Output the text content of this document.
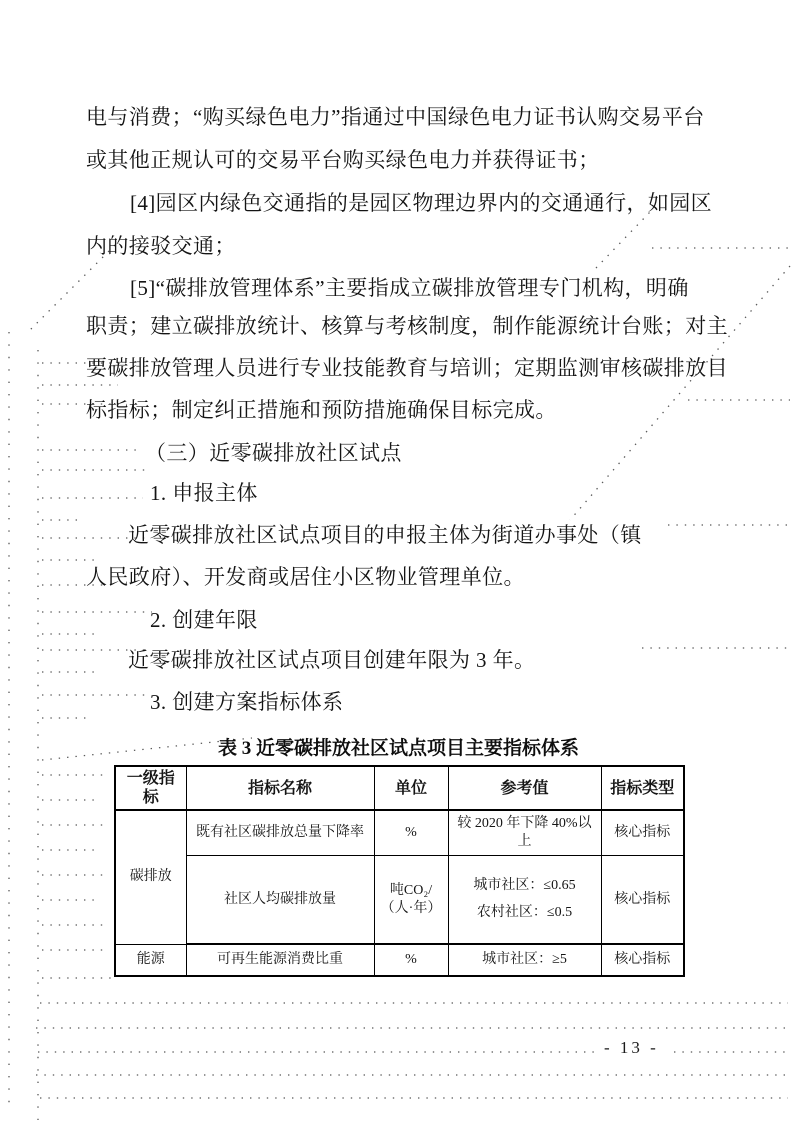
电与消费；“购买绿色电力”指通过中国绿色电力证书认购交易平台
或其他正规认可的交易平台购买绿色电力并获得证书；
[4]园区内绿色交通指的是园区物理边界内的交通通行，如园区
内的接驳交通；
[5]“碳排放管理体系”主要指成立碳排放管理专门机构，明确
职责；建立碳排放统计、核算与考核制度，制作能源统计台账；对主
要碳排放管理人员进行专业技能教育与培训；定期监测审核碳排放目
标指标；制定纠正措施和预防措施确保目标完成。
（三）近零碳排放社区试点
1. 申报主体
近零碳排放社区试点项目的申报主体为街道办事处（镇
人民政府）、开发商或居住小区物业管理单位。
2. 创建年限
近零碳排放社区试点项目创建年限为 3 年。
3. 创建方案指标体系
表 3 近零碳排放社区试点项目主要指标体系
一级指标	指标名称	单位	参考值	指标类型
碳排放	既有社区碳排放总量下降率	%	较 2020 年下降 40%以上	核心指标
	社区人均碳排放量	吨CO₂/（人·年）	城市社区：≤0.65
农村社区：≤0.5	核心指标
能源	可再生能源消费比重	%	城市社区：≥5	核心指标
- 13 -
